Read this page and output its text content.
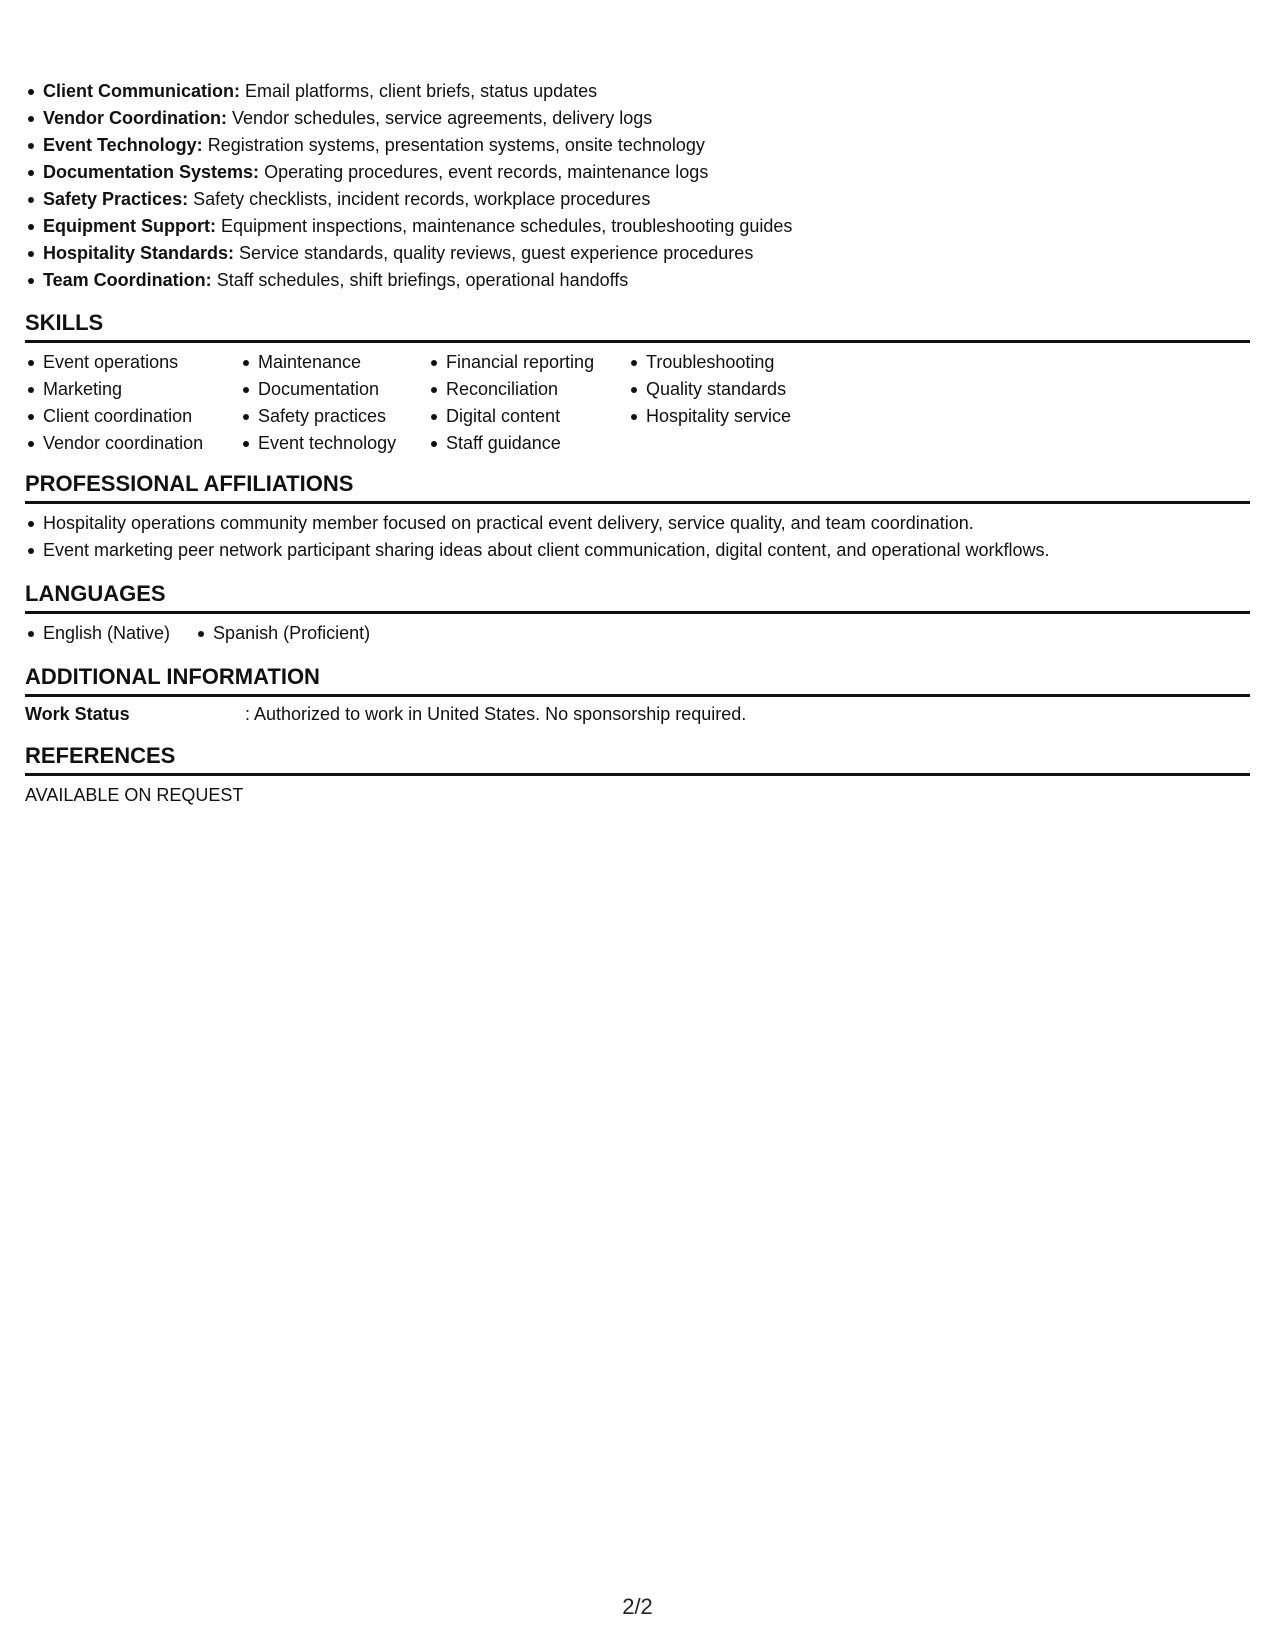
Client Communication: Email platforms, client briefs, status updates
Vendor Coordination: Vendor schedules, service agreements, delivery logs
Event Technology: Registration systems, presentation systems, onsite technology
Documentation Systems: Operating procedures, event records, maintenance logs
Safety Practices: Safety checklists, incident records, workplace procedures
Equipment Support: Equipment inspections, maintenance schedules, troubleshooting guides
Hospitality Standards: Service standards, quality reviews, guest experience procedures
Team Coordination: Staff schedules, shift briefings, operational handoffs
SKILLS
Event operations
Marketing
Client coordination
Vendor coordination
Maintenance
Documentation
Safety practices
Event technology
Financial reporting
Reconciliation
Digital content
Staff guidance
Troubleshooting
Quality standards
Hospitality service
PROFESSIONAL AFFILIATIONS
Hospitality operations community member focused on practical event delivery, service quality, and team coordination.
Event marketing peer network participant sharing ideas about client communication, digital content, and operational workflows.
LANGUAGES
English (Native)	Spanish (Proficient)
ADDITIONAL INFORMATION
Work Status	: Authorized to work in United States. No sponsorship required.
REFERENCES
AVAILABLE ON REQUEST
2/2
